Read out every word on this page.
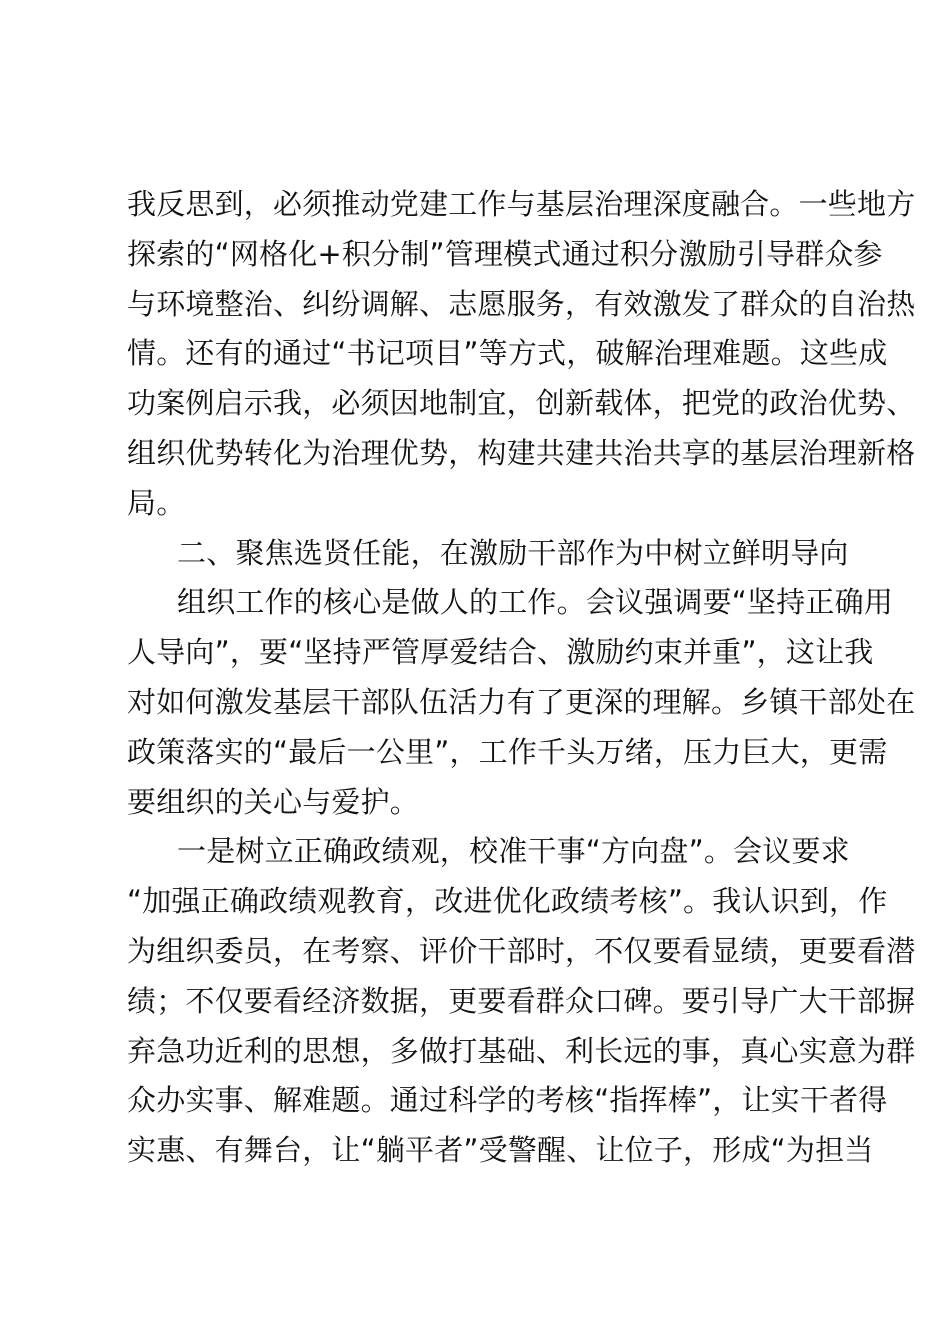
我反思到，必须推动党建工作与基层治理深度融合。一些地方
探索的“网格化+积分制”管理模式通过积分激励引导群众参
与环境整治、纠纷调解、志愿服务，有效激发了群众的自治热
情。还有的通过“书记项目”等方式，破解治理难题。这些成
功案例启示我，必须因地制宜，创新载体，把党的政治优势、
组织优势转化为治理优势，构建共建共治共享的基层治理新格
局。
二、聚焦选贤任能，在激励干部作为中树立鲜明导向
组织工作的核心是做人的工作。会议强调要“坚持正确用
人导向”，要“坚持严管厚爱结合、激励约束并重”，这让我
对如何激发基层干部队伍活力有了更深的理解。乡镇干部处在
政策落实的“最后一公里”，工作千头万绪，压力巨大，更需
要组织的关心与爱护。
一是树立正确政绩观，校准干事“方向盘”。会议要求
“加强正确政绩观教育，改进优化政绩考核”。我认识到，作
为组织委员，在考察、评价干部时，不仅要看显绩，更要看潜
绩；不仅要看经济数据，更要看群众口碑。要引导广大干部摒
弃急功近利的思想，多做打基础、利长远的事，真心实意为群
众办实事、解难题。通过科学的考核“指挥棒”，让实干者得
实惠、有舞台，让“躺平者”受警醒、让位子，形成“为担当
